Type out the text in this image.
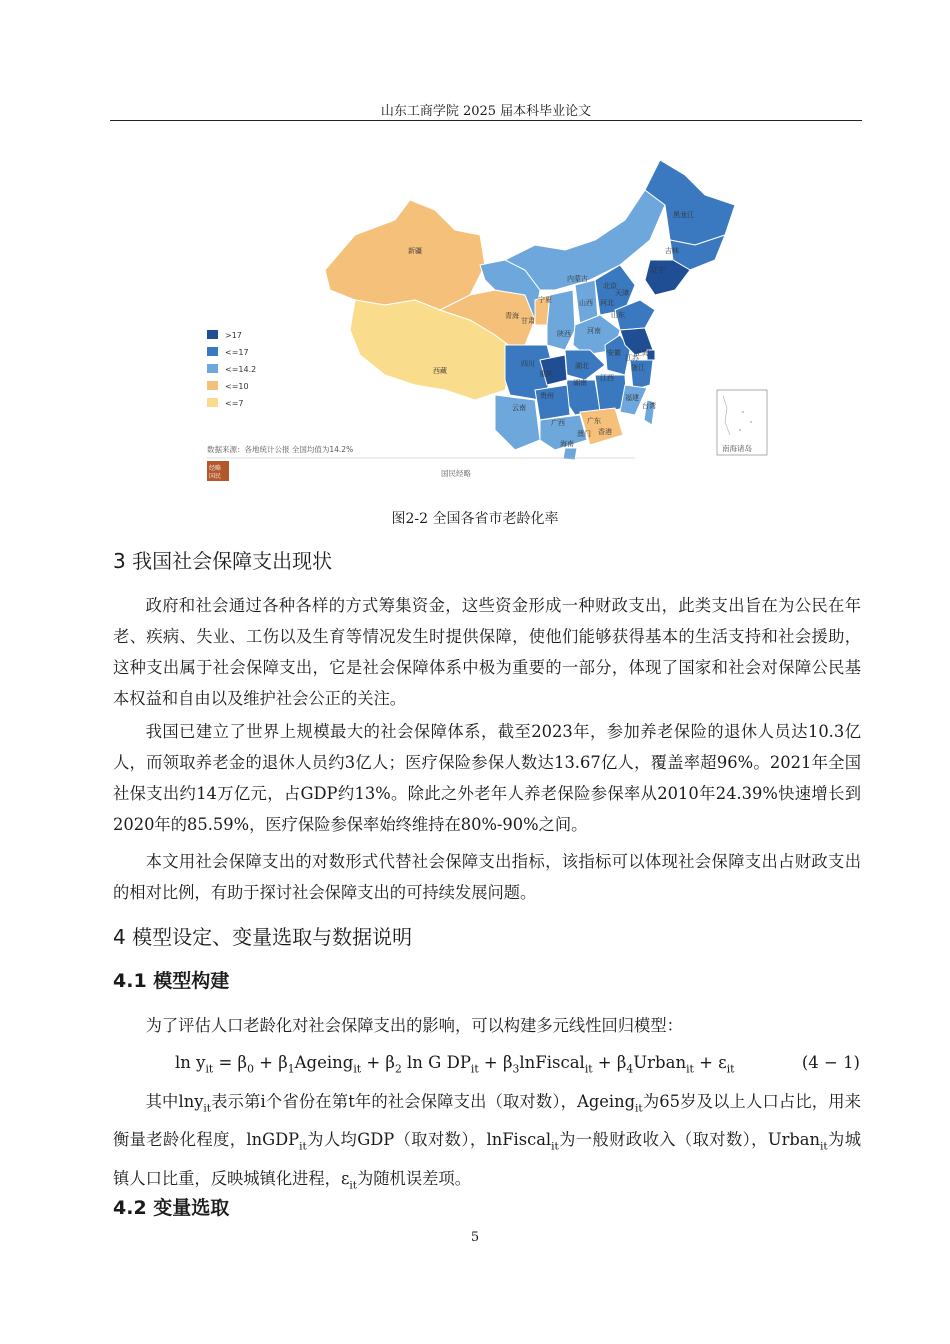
山东工商学院 2025 届本科毕业论文
新疆
西藏
青海
甘肃
宁夏
内蒙古
黑龙江
吉林
辽宁
北京
天津
河北
山西
山东
陕西 河南
四川
重庆
湖北
江苏
上海
安徽
浙江
湖南
江西
贵州
云南
广西	广东
福建
台湾
香港
澳门
海南
>17
<=17
<=14.2
<=10
<=7
数据来源：各地统计公报 全国均值为14.2%
经略
国民	国民经略
南海诸岛
图2-2 全国各省市老龄化率
3 我国社会保障支出现状

政府和社会通过各种各样的方式筹集资金，这些资金形成一种财政支出，此类支出旨在为公民在年老、疾病、失业、工伤以及生育等情况发生时提供保障，使他们能够获得基本的生活支持和社会援助，这种支出属于社会保障支出，它是社会保障体系中极为重要的一部分，体现了国家和社会对保障公民基本权益和自由以及维护社会公正的关注。

我国已建立了世界上规模最大的社会保障体系，截至2023年，参加养老保险的退休人员达10.3亿人，而领取养老金的退休人员约3亿人；医疗保险参保人数达13.67亿人，覆盖率超96%。2021年全国社保支出约14万亿元，占GDP约13%。除此之外老年人养老保险参保率从2010年24.39%快速增长到2020年的85.59%，医疗保险参保率始终维持在80%-90%之间。

本文用社会保障支出的对数形式代替社会保障支出指标，该指标可以体现社会保障支出占财政支出的相对比例，有助于探讨社会保障支出的可持续发展问题。

4 模型设定、变量选取与数据说明
4.1 模型构建

为了评估人口老龄化对社会保障支出的影响，可以构建多元线性回归模型：

$\ln y_{it} = \beta_0$ + $\beta_1Ageing_{it} + \beta_2$ ln G $DP_{it}$ + $\beta_3lnFiscal_{it}$ + $\beta_4Urban_{it} + \varepsilon_{it}$	(4 − 1)

其中lny$_{it}$表示第i个省份在第t年的社会保障支出（取对数），Ageing$_{it}$为65岁及以上人口占比，用来衡量老龄化程度，lnGDP$_{it}$为人均GDP（取对数），lnFiscal$_{it}$为一般财政收入（取对数），Urban$_{it}$为城镇人口比重，反映城镇化进程，$\varepsilon_{it}$为随机误差项。

4.2 变量选取
5
